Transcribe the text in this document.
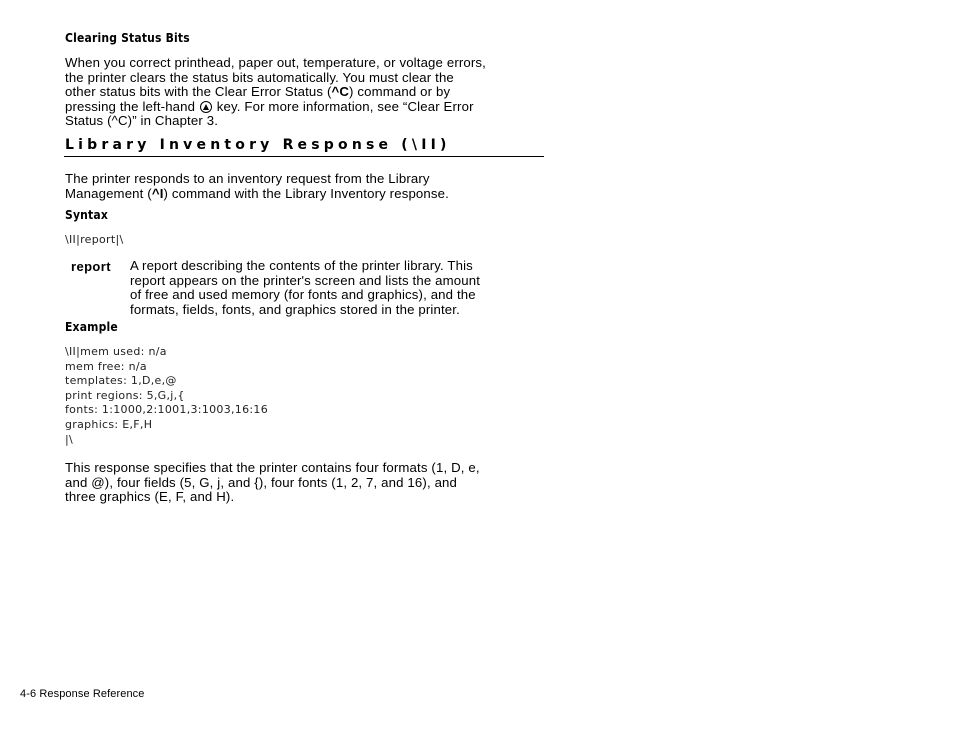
Clearing Status Bits
When you correct printhead, paper out, temperature, or voltage errors,
the printer clears the status bits automatically. You must clear the
other status bits with the Clear Error Status (^C) command or by
pressing the left-hand  key. For more information, see “Clear Error
Status (^C)” in Chapter 3.
Library Inventory Response (\II)
The printer responds to an inventory request from the Library
Management (^I) command with the Library Inventory response.
Syntax
\II|report|\
report A report describing the contents of the printer library. This
report appears on the printer's screen and lists the amount
of free and used memory (for fonts and graphics), and the
formats, fields, fonts, and graphics stored in the printer.
Example
\II|mem used: n/a
mem free: n/a
templates: 1,D,e,@
print regions: 5,G,j,{
fonts: 1:1000,2:1001,3:1003,16:16
graphics: E,F,H
|\
This response specifies that the printer contains four formats (1, D, e,
and @), four fields (5, G, j, and {), four fonts (1, 2, 7, and 16), and
three graphics (E, F, and H).
4-6 Response Reference
